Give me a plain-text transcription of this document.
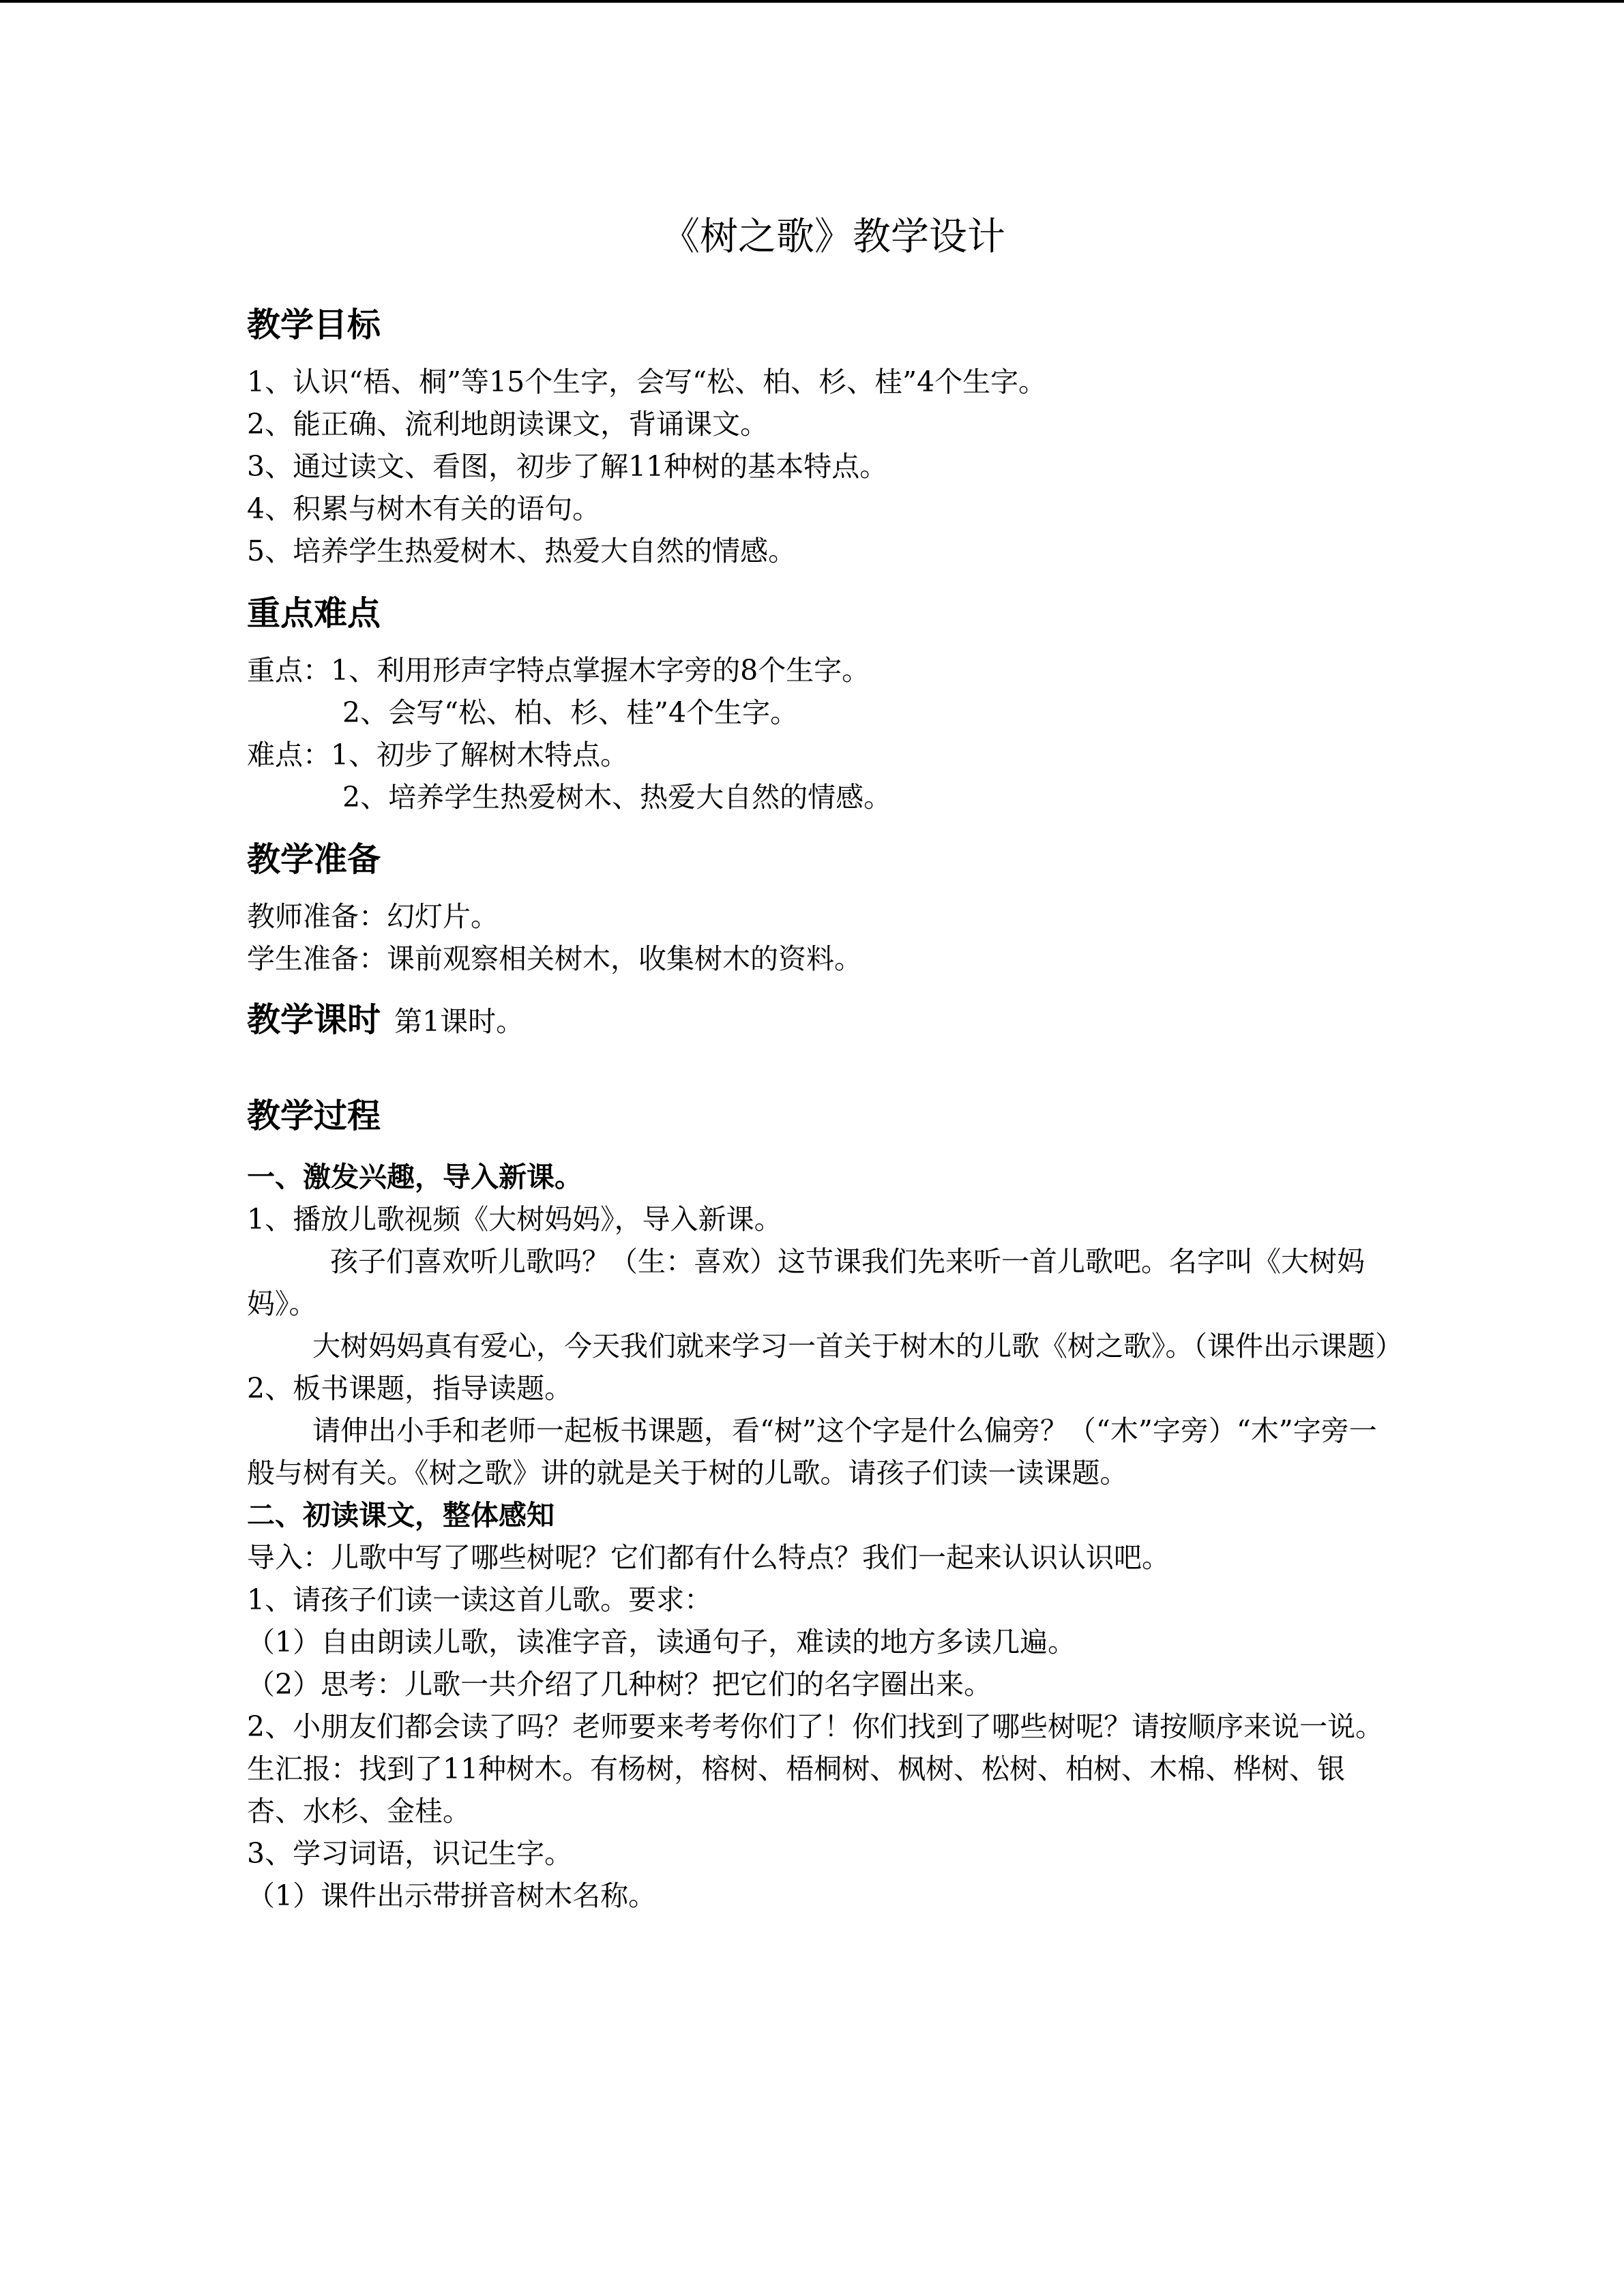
《树之歌》教学设计
教学目标
1、认识“梧、桐”等15个生字，会写“松、柏、杉、桂”4个生字。
2、能正确、流利地朗读课文，背诵课文。
3、通过读文、看图，初步了解11种树的基本特点。
4、积累与树木有关的语句。
5、培养学生热爱树木、热爱大自然的情感。
重点难点
重点：1、利用形声字特点掌握木字旁的8个生字。
2、会写“松、柏、杉、桂”4个生字。
难点：1、初步了解树木特点。
2、培养学生热爱树木、热爱大自然的情感。
教学准备
教师准备：幻灯片。
学生准备：课前观察相关树木，收集树木的资料。
教学课时 第1课时。
教学过程
一、激发兴趣，导入新课。
1、播放儿歌视频《大树妈妈》，导入新课。
孩子们喜欢听儿歌吗？（生：喜欢）这节课我们先来听一首儿歌吧。名字叫《大树妈妈》。
大树妈妈真有爱心，今天我们就来学习一首关于树木的儿歌《树之歌》。（课件出示课题）
2、板书课题，指导读题。
请伸出小手和老师一起板书课题，看“树”这个字是什么偏旁？（“木”字旁）“木”字旁一般与树有关。《树之歌》讲的就是关于树的儿歌。请孩子们读一读课题。
二、初读课文，整体感知
导入：儿歌中写了哪些树呢？它们都有什么特点？我们一起来认识认识吧。
1、请孩子们读一读这首儿歌。要求：
（1）自由朗读儿歌，读准字音，读通句子，难读的地方多读几遍。
（2）思考：儿歌一共介绍了几种树？把它们的名字圈出来。
2、小朋友们都会读了吗？老师要来考考你们了！你们找到了哪些树呢？请按顺序来说一说。
生汇报：找到了11种树木。有杨树，榕树、梧桐树、枫树、松树、柏树、木棉、桦树、银杏、水杉、金桂。
3、学习词语，识记生字。
（1）课件出示带拼音树木名称。
